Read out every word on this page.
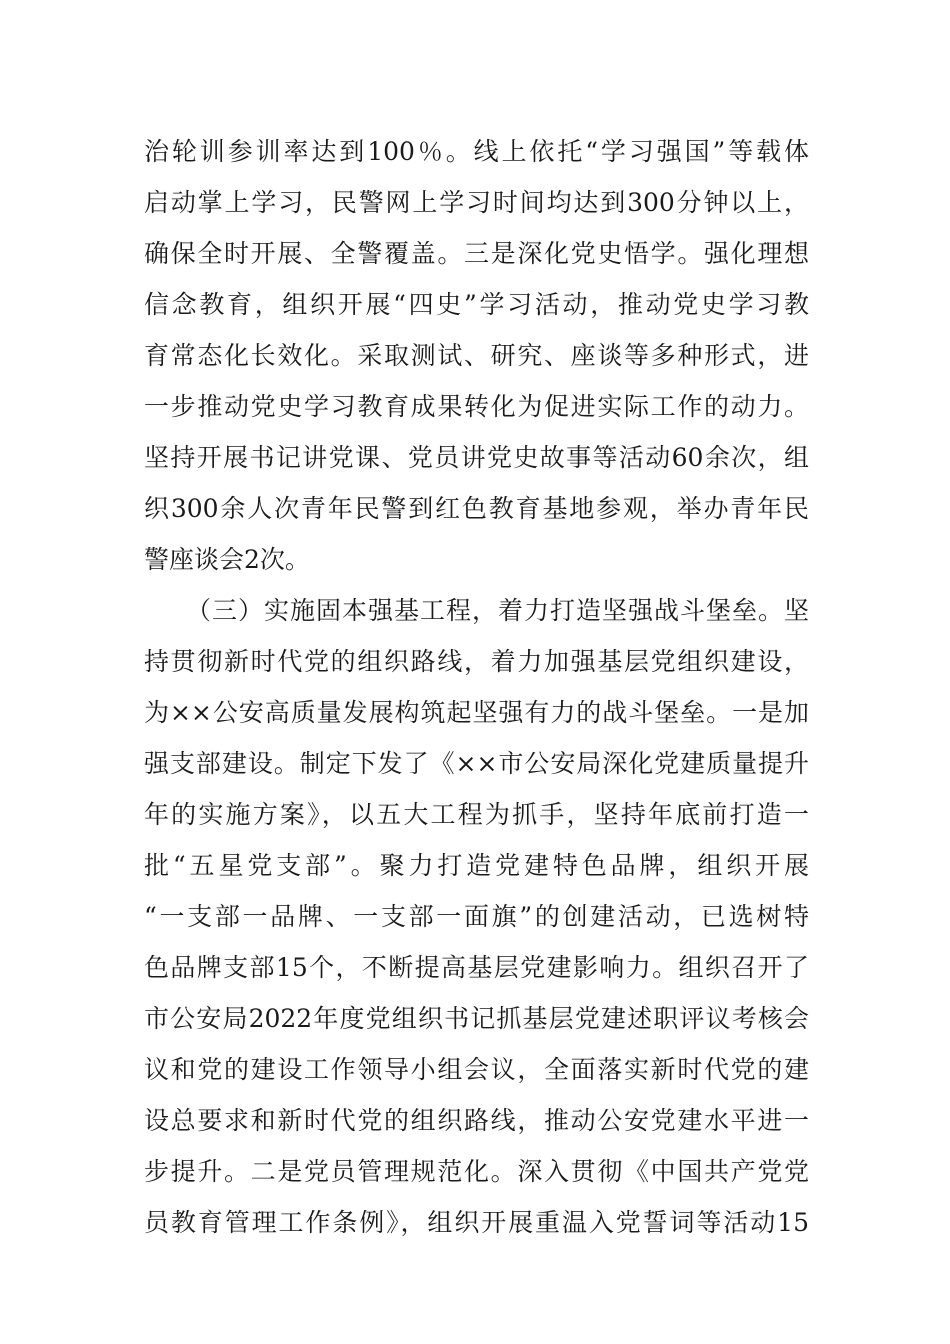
治轮训参训率达到100％。线上依托“学习强国”等载体
启动掌上学习，民警网上学习时间均达到300分钟以上，
确保全时开展、全警覆盖。三是深化党史悟学。强化理想
信念教育，组织开展“四史”学习活动，推动党史学习教
育常态化长效化。采取测试、研究、座谈等多种形式，进
一步推动党史学习教育成果转化为促进实际工作的动力。
坚持开展书记讲党课、党员讲党史故事等活动60余次，组
织300余人次青年民警到红色教育基地参观，举办青年民
警座谈会2次。
（三）实施固本强基工程，着力打造坚强战斗堡垒。坚
持贯彻新时代党的组织路线，着力加强基层党组织建设，
为××公安高质量发展构筑起坚强有力的战斗堡垒。一是加
强支部建设。制定下发了《××市公安局深化党建质量提升
年的实施方案》，以五大工程为抓手，坚持年底前打造一
批“五星党支部”。聚力打造党建特色品牌，组织开展
“一支部一品牌、一支部一面旗”的创建活动，已选树特
色品牌支部15个，不断提高基层党建影响力。组织召开了
市公安局2022年度党组织书记抓基层党建述职评议考核会
议和党的建设工作领导小组会议，全面落实新时代党的建
设总要求和新时代党的组织路线，推动公安党建水平进一
步提升。二是党员管理规范化。深入贯彻《中国共产党党
员教育管理工作条例》，组织开展重温入党誓词等活动15
